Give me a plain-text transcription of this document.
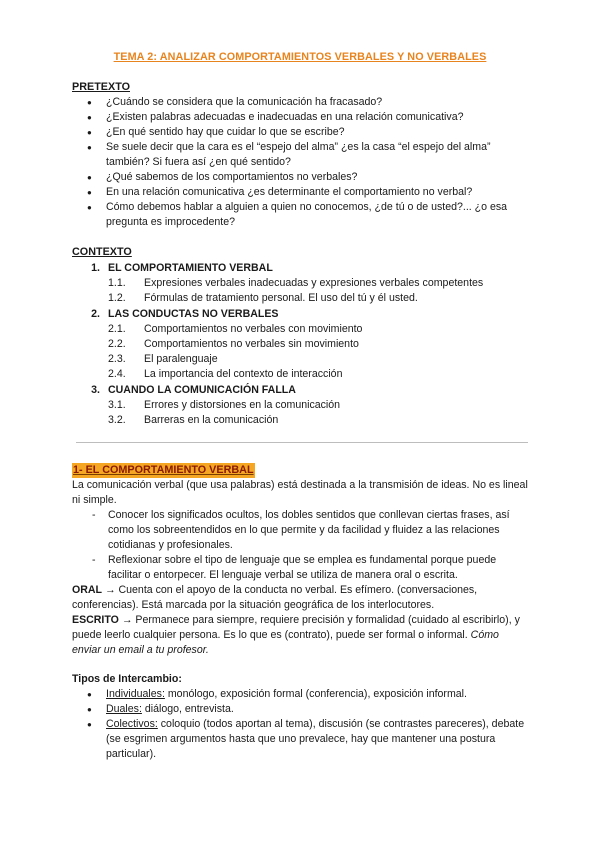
TEMA 2: ANALIZAR COMPORTAMIENTOS VERBALES Y NO VERBALES
PRETEXTO
● ¿Cuándo se considera que la comunicación ha fracasado?
● ¿Existen palabras adecuadas e inadecuadas en una relación comunicativa?
● ¿En qué sentido hay que cuidar lo que se escribe?
● Se suele decir que la cara es el “espejo del alma” ¿es la casa “el espejo del alma” también? Si fuera así ¿en qué sentido?
● ¿Qué sabemos de los comportamientos no verbales?
● En una relación comunicativa ¿es determinante el comportamiento no verbal?
● Cómo debemos hablar a alguien a quien no conocemos, ¿de tú o de usted?... ¿o esa pregunta es improcedente?
CONTEXTO
1. EL COMPORTAMIENTO VERBAL
1.1.	Expresiones verbales inadecuadas y expresiones verbales competentes
1.2.	Fórmulas de tratamiento personal. El uso del tú y él usted.
2. LAS CONDUCTAS NO VERBALES
2.1.	Comportamientos no verbales con movimiento
2.2.	Comportamientos no verbales sin movimiento
2.3.	El paralenguaje
2.4.	La importancia del contexto de interacción
3. CUANDO LA COMUNICACIÓN FALLA
3.1.	Errores y distorsiones en la comunicación
3.2.	Barreras en la comunicación
1- EL COMPORTAMIENTO VERBAL

La comunicación verbal (que usa palabras) está destinada a la transmisión de ideas. No es lineal ni simple.

- Conocer los significados ocultos, los dobles sentidos que conllevan ciertas frases, así como los sobreentendidos en lo que permite y da facilidad y fluidez a las relaciones cotidianas y profesionales.
- Reflexionar sobre el tipo de lenguaje que se emplea es fundamental porque puede facilitar o entorpecer. El lenguaje verbal se utiliza de manera oral o escrita.

ORAL → Cuenta con el apoyo de la conducta no verbal. Es efímero. (conversaciones, conferencias). Está marcada por la situación geográfica de los interlocutores.

ESCRITO → Permanece para siempre, requiere precisión y formalidad (cuidado al escribirlo), y puede leerlo cualquier persona. Es lo que es (contrato), puede ser formal o informal. Cómo enviar un email a tu profesor.

Tipos de Intercambio:
● Individuales: monólogo, exposición formal (conferencia), exposición informal.
● Duales: diálogo, entrevista.
● Colectivos: coloquio (todos aportan al tema), discusión (se contrastes pareceres), debate (se esgrimen argumentos hasta que uno prevalece, hay que mantener una postura particular).
